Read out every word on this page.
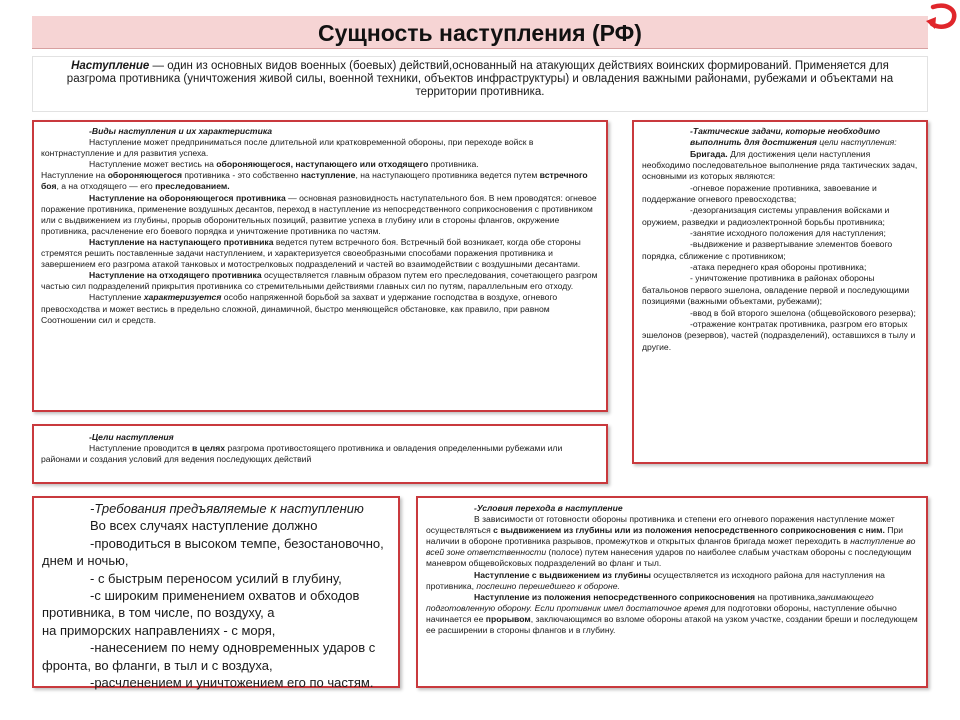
Сущность наступления (РФ)
Наступление — один из основных видов военных (боевых) действий,основанный на атакующих действиях воинских формирований. Применяется для разгрома противника (уничтожения живой силы, военной техники, объектов инфраструктуры) и овладения важными районами, рубежами и объектами на территории противника.

-Виды наступления и их характеристика

Наступление может предприниматься после длительной или кратковременной обороны, при переходе войск в контрнаступление и для развития успеха.

Наступление может вестись на обороняющегося, наступающего или отходящего противника.

Наступление на обороняющегося противника - это собственно наступление, на наступающего противника ведется путем встречного боя, а на отходящего — его преследованием.

Наступление на обороняющегося противника — основная разновидность наступательного боя. В нем проводятся: огневое поражение противника, применение воздушных десантов, переход в наступление из непосредственного соприкосновения с противником или с выдвижением из глубины, прорыв оборонительных позиций, развитие успеха в глубину или в стороны флангов, окружение противника, расчленение его боевого порядка и уничтожение противника по частям.

Наступление на наступающего противника ведется путем встречного боя. Встречный бой возникает, когда обе стороны стремятся решить поставленные задачи наступлением, и характеризуется своеобразными способами поражения противника и завершением его разгрома атакой танковых и мотострелковых подразделений и частей во взаимодействии с воздушными десантами.

Наступление на отходящего противника осуществляется главным образом путем его преследования, сочетающего разгром частью сил подразделений прикрытия противника со стремительными действиями главных сил по путям, параллельным его отходу.

Наступление характеризуется особо напряженной борьбой за захват и удержание господства в воздухе, огневого превосходства и может вестись в предельно сложной, динамичной, быстро меняющейся обстановке, как правило, при равном Соотношении сил и средств.

-Цели наступления

Наступление проводится в целях разгрома противостоящего противника и овладения определенными рубежами или районами и создания условий для ведения последующих действий

-Тактические задачи, которые необходимо выполнить для достижения цели наступления:

Бригада. Для достижения цели наступления необходимо последовательное выполнение ряда тактических задач, основными из которых являются:

-огневое поражение противника, завоевание и поддержание огневого превосходства;

-дезорганизация системы управления войсками и оружием, разведки и радиоэлектронной борьбы противника;

-занятие исходного положения для наступления;

-выдвижение и развертывание элементов боевого порядка, сближение с противником;

-атака переднего края обороны противника;

- уничтожение противника в районах обороны батальонов первого эшелона, овладение первой и последующими позициями (важными объектами, рубежами);

-ввод в бой второго эшелона (общевойскового резерва);

-отражение контратак противника, разгром его вторых эшелонов (резервов), частей (подразделений), оставшихся в тылу и другие.

-Требования предъявляемые к наступлению

Во всех случаях наступление должно

-проводиться в высоком темпе, безостановочно, днем и ночью,

- с быстрым переносом усилий в глубину,

-с широким применением охватов и обходов противника, в том числе, по воздуху, а

на приморских направлениях - с моря,

-нанесением по нему одновременных ударов с фронта, во фланги, в тыл и с воздуха,

-расчленением и уничтожением его по частям.

-Условия перехода в наступление

В зависимости от готовности обороны противника и степени его огневого поражения наступление может осуществляться с выдвижением из глубины или из положения непосредственного соприкосновения с ним. При наличии в обороне противника разрывов, промежутков и открытых флангов бригада может переходить в наступление во всей зоне ответственности (полосе) путем нанесения ударов по наиболее слабым участкам обороны с последующим маневром общевойсковых подразделений во фланг и тыл.

Наступление с выдвижением из глубины осуществляется из исходного района для наступления на противника, поспешно перешедшего к обороне.

Наступление из положения непосредственного соприкосновения на противника,занимающего подготовленную оборону. Если противник имел достаточное время для подготовки обороны, наступление обычно начинается ее прорывом, заключающимся во взломе обороны атакой на узком участке, создании бреши и последующем ее расширении в стороны флангов и в глубину.
